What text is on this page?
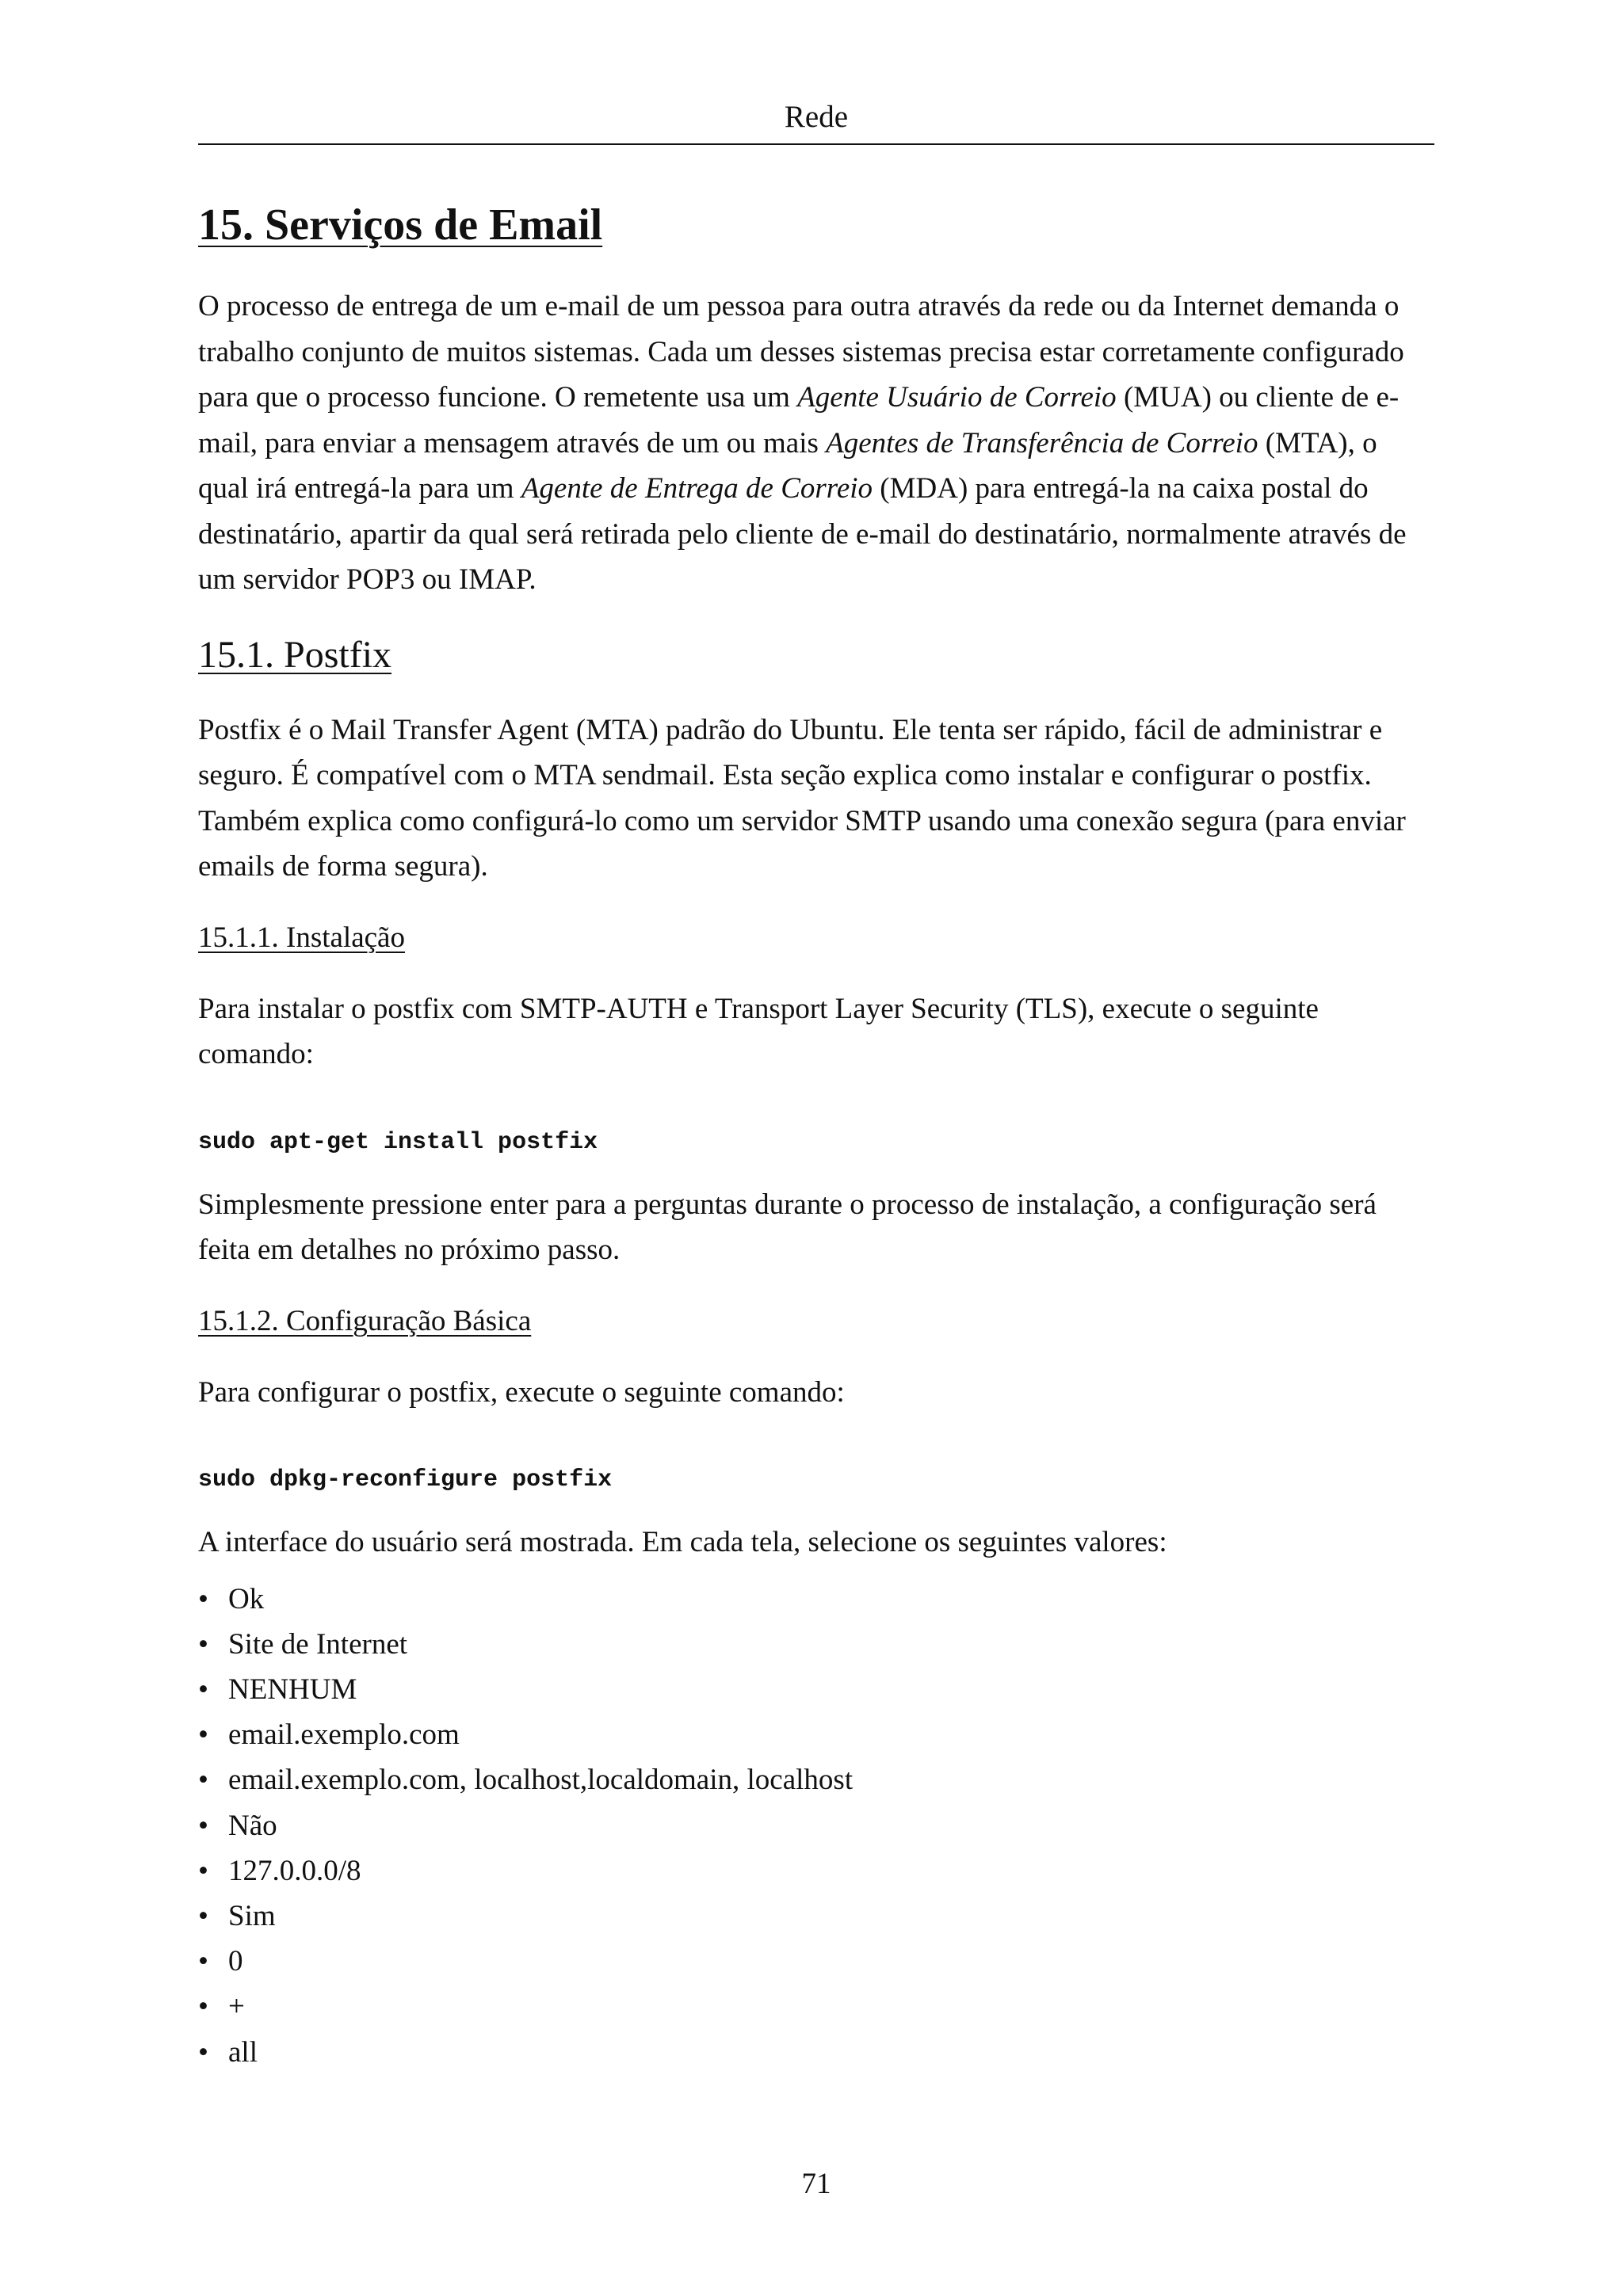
Rede
15. Serviços de Email

O processo de entrega de um e-mail de um pessoa para outra através da rede ou da Internet demanda o trabalho conjunto de muitos sistemas. Cada um desses sistemas precisa estar corretamente configurado para que o processo funcione. O remetente usa um Agente Usuário de Correio (MUA) ou cliente de e-mail, para enviar a mensagem através de um ou mais Agentes de Transferência de Correio (MTA), o qual irá entregá-la para um Agente de Entrega de Correio (MDA) para entregá-la na caixa postal do destinatário, apartir da qual será retirada pelo cliente de e-mail do destinatário, normalmente através de um servidor POP3 ou IMAP.

15.1. Postfix

Postfix é o Mail Transfer Agent (MTA) padrão do Ubuntu. Ele tenta ser rápido, fácil de administrar e seguro. É compatível com o MTA sendmail. Esta seção explica como instalar e configurar o postfix. Também explica como configurá-lo como um servidor SMTP usando uma conexão segura (para enviar emails de forma segura).

15.1.1. Instalação

Para instalar o postfix com SMTP-AUTH e Transport Layer Security (TLS), execute o seguinte comando:

sudo apt-get install postfix

Simplesmente pressione enter para a perguntas durante o processo de instalação, a configuração será feita em detalhes no próximo passo.

15.1.2. Configuração Básica

Para configurar o postfix, execute o seguinte comando:

sudo dpkg-reconfigure postfix

A interface do usuário será mostrada. Em cada tela, selecione os seguintes valores:

• Ok
• Site de Internet
• NENHUM
• email.exemplo.com
• email.exemplo.com, localhost,localdomain, localhost
• Não
• 127.0.0.0/8
• Sim
• 0
• +
• all
71
